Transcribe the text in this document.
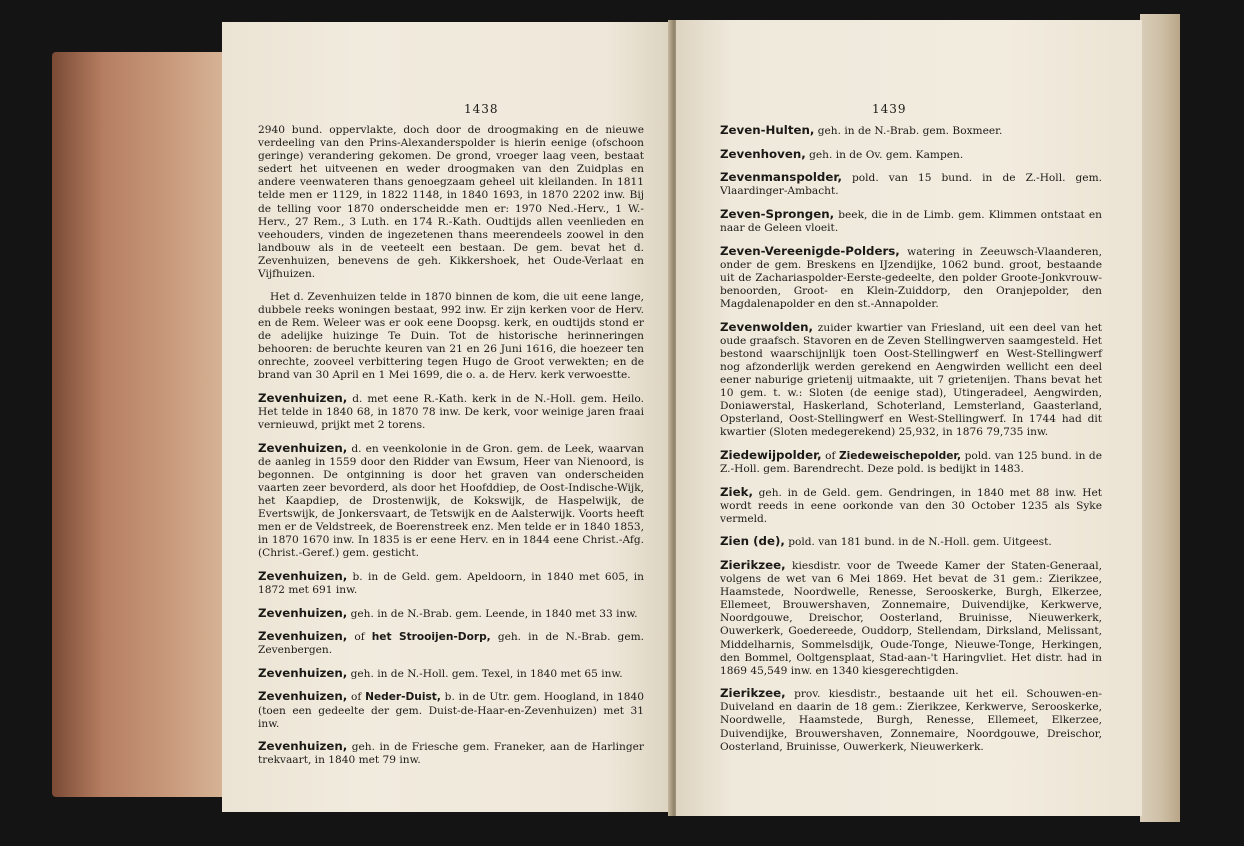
1438

2940 bund. oppervlakte, doch door de droogmaking en de nieuwe verdeeling van den Prins-Alexanderspolder is hierin eenige (ofschoon geringe) verandering gekomen. De grond, vroeger laag veen, bestaat sedert het uitveenen en weder droogmaken van den Zuidplas en andere veenwateren thans genoegzaam geheel uit kleilanden. In 1811 telde men er 1129, in 1822 1148, in 1840 1693, in 1870 2202 inw. Bij de telling voor 1870 onderscheidde men er: 1970 Ned.-Herv., 1 W.-Herv., 27 Rem., 3 Luth. en 174 R.-Kath. Oudtijds allen veenlieden en veehouders, vinden de ingezetenen thans meerendeels zoowel in den landbouw als in de veeteelt een bestaan. De gem. bevat het d. Zevenhuizen, benevens de geh. Kikkershoek, het Oude-Verlaat en Vijfhuizen.

Het d. Zevenhuizen telde in 1870 binnen de kom, die uit eene lange, dubbele reeks woningen bestaat, 992 inw. Er zijn kerken voor de Herv. en de Rem. Weleer was er ook eene Doopsg. kerk, en oudtijds stond er de adelijke huizinge Te Duin. Tot de historische herinneringen behooren: de beruchte keuren van 21 en 26 Juni 1616, die hoezeer ten onrechte, zooveel verbittering tegen Hugo de Groot verwekten; en de brand van 30 April en 1 Mei 1699, die o. a. de Herv. kerk verwoestte.

Zevenhuizen, d. met eene R.-Kath. kerk in de N.-Holl. gem. Heilo. Het telde in 1840 68, in 1870 78 inw. De kerk, voor weinige jaren fraai vernieuwd, prijkt met 2 torens.

Zevenhuizen, d. en veenkolonie in de Gron. gem. de Leek, waarvan de aanleg in 1559 door den Ridder van Ewsum, Heer van Nienoord, is begonnen. De ontginning is door het graven van onderscheiden vaarten zeer bevorderd, als door het Hoofddiep, de Oost-Indische-Wijk, het Kaapdiep, de Drostenwijk, de Kokswijk, de Haspelwijk, de Evertswijk, de Jonkersvaart, de Tetswijk en de Aalsterwijk. Voorts heeft men er de Veldstreek, de Boerenstreek enz. Men telde er in 1840 1853, in 1870 1670 inw. In 1835 is er eene Herv. en in 1844 eene Christ.-Afg. (Christ.-Geref.) gem. gesticht.

Zevenhuizen, b. in de Geld. gem. Apeldoorn, in 1840 met 605, in 1872 met 691 inw.

Zevenhuizen, geh. in de N.-Brab. gem. Leende, in 1840 met 33 inw.

Zevenhuizen, of het Strooijen-Dorp, geh. in de N.-Brab. gem. Zevenbergen.

Zevenhuizen, geh. in de N.-Holl. gem. Texel, in 1840 met 65 inw.

Zevenhuizen, of Neder-Duist, b. in de Utr. gem. Hoogland, in 1840 (toen een gedeelte der gem. Duist-de-Haar-en-Zevenhuizen) met 31 inw.

Zevenhuizen, geh. in de Friesche gem. Franeker, aan de Harlinger trekvaart, in 1840 met 79 inw.

1439

Zeven-Hulten, geh. in de N.-Brab. gem. Boxmeer.

Zevenhoven, geh. in de Ov. gem. Kampen.

Zevenmanspolder, pold. van 15 bund. in de Z.-Holl. gem. Vlaardinger-Ambacht.

Zeven-Sprongen, beek, die in de Limb. gem. Klimmen ontstaat en naar de Geleen vloeit.

Zeven-Vereenigde-Polders, watering in Zeeuwsch-Vlaanderen, onder de gem. Breskens en IJzendijke, 1062 bund. groot, bestaande uit de Zachariaspolder-Eerste-gedeelte, den polder Groote-Jonkvrouw-benoorden, Groot- en Klein-Zuiddorp, den Oranjepolder, den Magdalenapolder en den st.-Annapolder.

Zevenwolden, zuider kwartier van Friesland, uit een deel van het oude graafsch. Stavoren en de Zeven Stellingwerven saamgesteld. Het bestond waarschijnlijk toen Oost-Stellingwerf en West-Stellingwerf nog afzonderlijk werden gerekend en Aengwirden wellicht een deel eener naburige grietenij uitmaakte, uit 7 grietenijen. Thans bevat het 10 gem. t. w.: Sloten (de eenige stad), Utingeradeel, Aengwirden, Doniawerstal, Haskerland, Schoterland, Lemsterland, Gaasterland, Opsterland, Oost-Stellingwerf en West-Stellingwerf. In 1744 had dit kwartier (Sloten medegerekend) 25,932, in 1876 79,735 inw.

Ziedewijpolder, of Ziedeweischepolder, pold. van 125 bund. in de Z.-Holl. gem. Barendrecht. Deze pold. is bedijkt in 1483.

Ziek, geh. in de Geld. gem. Gendringen, in 1840 met 88 inw. Het wordt reeds in eene oorkonde van den 30 October 1235 als Syke vermeld.

Zien (de), pold. van 181 bund. in de N.-Holl. gem. Uitgeest.

Zierikzee, kiesdistr. voor de Tweede Kamer der Staten-Generaal, volgens de wet van 6 Mei 1869. Het bevat de 31 gem.: Zierikzee, Haamstede, Noordwelle, Renesse, Serooskerke, Burgh, Elkerzee, Ellemeet, Brouwershaven, Zonnemaire, Duivendijke, Kerkwerve, Noordgouwe, Dreischor, Oosterland, Bruinisse, Nieuwerkerk, Ouwerkerk, Goedereede, Ouddorp, Stellendam, Dirksland, Melissant, Middelharnis, Sommelsdijk, Oude-Tonge, Nieuwe-Tonge, Herkingen, den Bommel, Ooltgensplaat, Stad-aan-'t Haringvliet. Het distr. had in 1869 45,549 inw. en 1340 kiesgerechtigden.

Zierikzee, prov. kiesdistr., bestaande uit het eil. Schouwen-en-Duiveland en daarin de 18 gem.: Zierikzee, Kerkwerve, Serooskerke, Noordwelle, Haamstede, Burgh, Renesse, Ellemeet, Elkerzee, Duivendijke, Brouwershaven, Zonnemaire, Noordgouwe, Dreischor, Oosterland, Bruinisse, Ouwerkerk, Nieuwerkerk.
